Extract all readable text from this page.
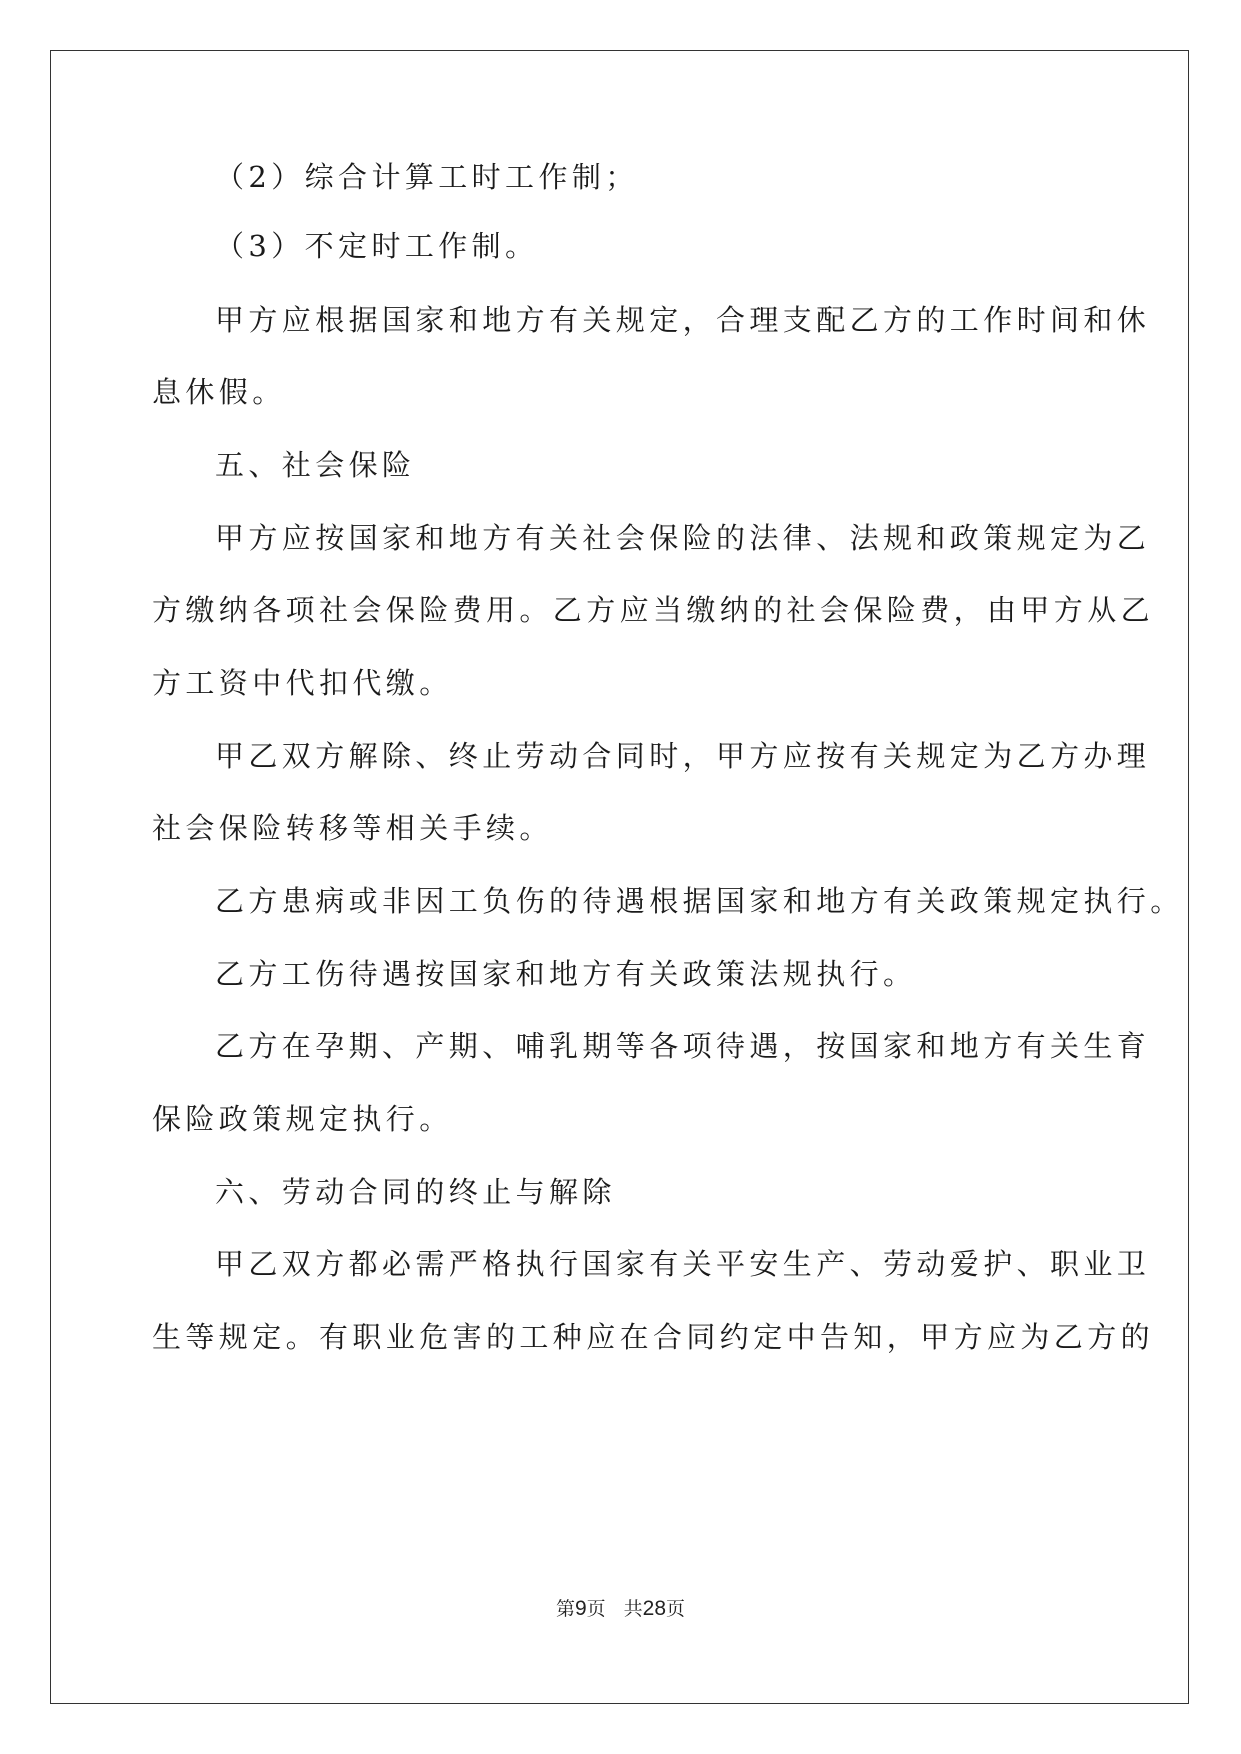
（2）综合计算工时工作制；
（3）不定时工作制。
甲方应根据国家和地方有关规定，合理支配乙方的工作时间和休
息休假。
五、社会保险
甲方应按国家和地方有关社会保险的法律、法规和政策规定为乙
方缴纳各项社会保险费用。乙方应当缴纳的社会保险费，由甲方从乙
方工资中代扣代缴。
甲乙双方解除、终止劳动合同时，甲方应按有关规定为乙方办理
社会保险转移等相关手续。
乙方患病或非因工负伤的待遇根据国家和地方有关政策规定执行。
乙方工伤待遇按国家和地方有关政策法规执行。
乙方在孕期、产期、哺乳期等各项待遇，按国家和地方有关生育
保险政策规定执行。
六、劳动合同的终止与解除
甲乙双方都必需严格执行国家有关平安生产、劳动爱护、职业卫
生等规定。有职业危害的工种应在合同约定中告知，甲方应为乙方的
第9页 共28页
